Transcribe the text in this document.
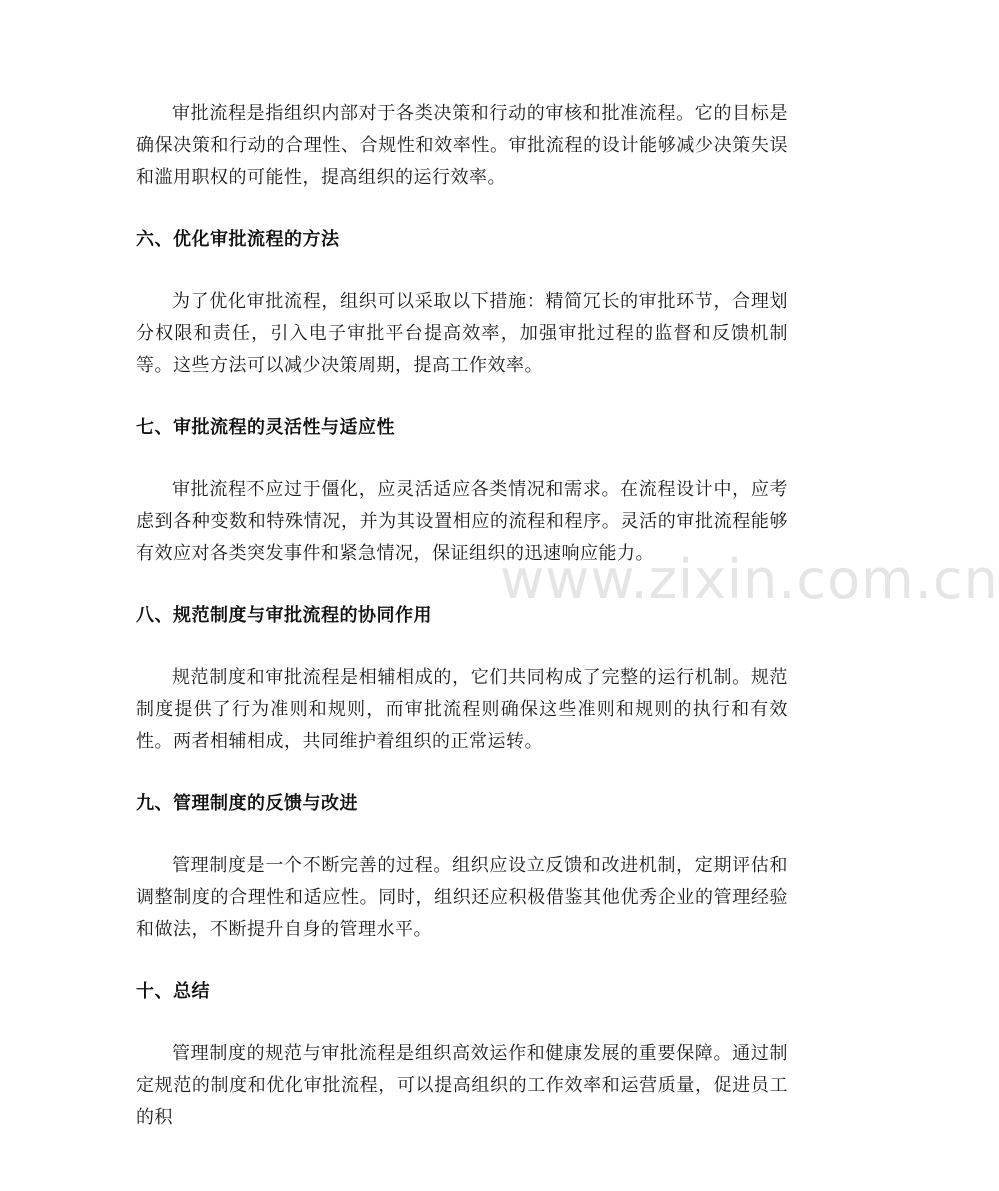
审批流程是指组织内部对于各类决策和行动的审核和批准流程。它的目标是确保决策和行动的合理性、合规性和效率性。审批流程的设计能够减少决策失误和滥用职权的可能性，提高组织的运行效率。

六、优化审批流程的方法

为了优化审批流程，组织可以采取以下措施：精简冗长的审批环节，合理划分权限和责任，引入电子审批平台提高效率，加强审批过程的监督和反馈机制等。这些方法可以减少决策周期，提高工作效率。

七、审批流程的灵活性与适应性

审批流程不应过于僵化，应灵活适应各类情况和需求。在流程设计中，应考虑到各种变数和特殊情况，并为其设置相应的流程和程序。灵活的审批流程能够有效应对各类突发事件和紧急情况，保证组织的迅速响应能力。

八、规范制度与审批流程的协同作用

规范制度和审批流程是相辅相成的，它们共同构成了完整的运行机制。规范制度提供了行为准则和规则，而审批流程则确保这些准则和规则的执行和有效性。两者相辅相成，共同维护着组织的正常运转。

九、管理制度的反馈与改进

管理制度是一个不断完善的过程。组织应设立反馈和改进机制，定期评估和调整制度的合理性和适应性。同时，组织还应积极借鉴其他优秀企业的管理经验和做法，不断提升自身的管理水平。

十、总结

管理制度的规范与审批流程是组织高效运作和健康发展的重要保障。通过制定规范的制度和优化审批流程，可以提高组织的工作效率和运营质量，促进员工的积

www.zixin.com.cn
